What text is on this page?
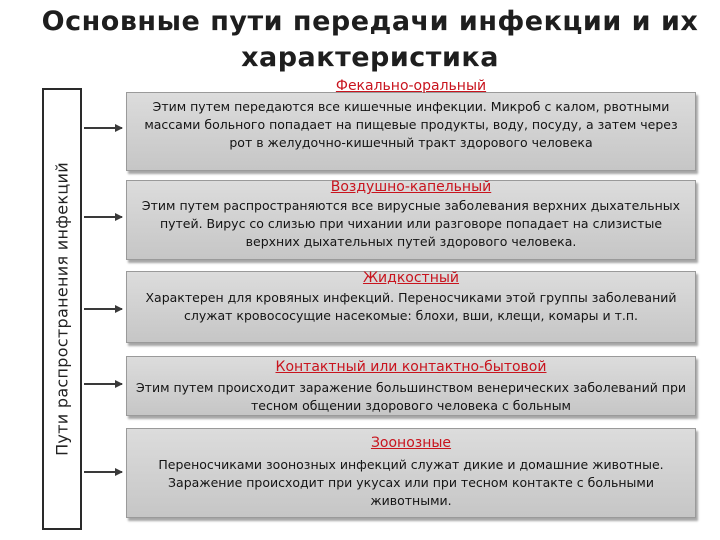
Основные пути передачи инфекции и их характеристика
Пути распространения инфекций
Этим путем передаются все кишечные инфекции. Микроб с калом, рвотными массами больного попадает на пищевые продукты, воду, посуду, а затем через рот в желудочно-кишечный тракт здорового человека
Фекально-оральный
Воздушно-капельный
Этим путем распространяются все вирусные заболевания верхних дыхательных путей. Вирус со слизью при чихании или разговоре попадает на слизистые верхних дыхательных путей здорового человека.
Жидкостный
Характерен для кровяных инфекций. Переносчиками этой группы заболеваний служат кровососущие насекомые: блохи, вши, клещи, комары и т.п.
Контактный или контактно-бытовой
Этим путем происходит заражение большинством венерических заболеваний при тесном общении здорового человека с больным
Зоонозные
Переносчиками зоонозных инфекций служат дикие и домашние животные. Заражение происходит при укусах или при тесном контакте с больными животными.
